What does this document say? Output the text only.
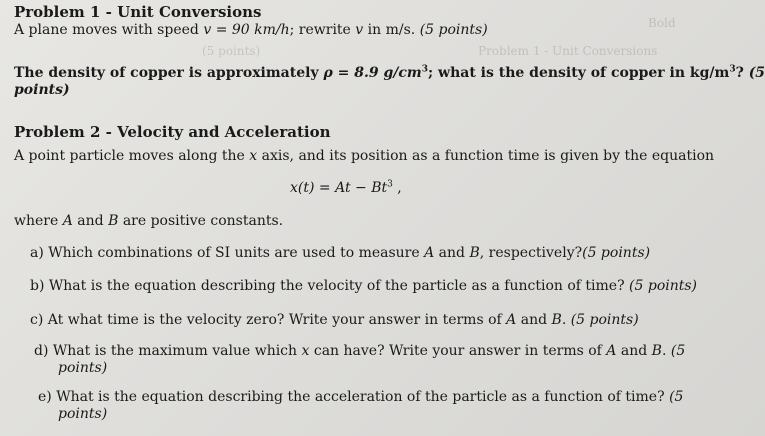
(5 points)	Problem 1 - Unit Conversions
Bold
Problem 1 - Unit Conversions
A plane moves with speed v = 90 km/h; rewrite v in m/s. (5 points)
The density of copper is approximately ρ = 8.9 $g/cm^3$; what is the density of copper in $kg/m^3$? (5
points)
Problem 2 - Velocity and Acceleration
A point particle moves along the x axis, and its position as a function time is given by the equation
$x(t) = At - Bt^3$ ,
where A and B are positive constants.
a) Which combinations of SI units are used to measure A and B, respectively?(5 points)
b) What is the equation describing the velocity of the particle as a function of time? (5 points)
c) At what time is the velocity zero? Write your answer in terms of A and B. (5 points)
d) What is the maximum value which x can have? Write your answer in terms of A and B. (5
points)
e) What is the equation describing the acceleration of the particle as a function of time? (5
points)
